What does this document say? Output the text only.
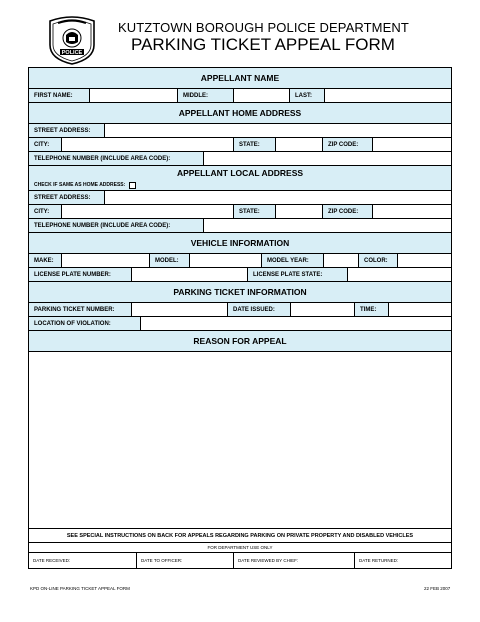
POLICE
KUTZTOWN BOROUGH POLICE DEPARTMENT
PARKING TICKET APPEAL FORM
APPELLANT NAME
FIRST NAME:	MIDDLE:	LAST:
APPELLANT HOME ADDRESS
STREET ADDRESS:
CITY:	STATE:	ZIP CODE:
TELEPHONE NUMBER (INCLUDE AREA CODE):
APPELLANT LOCAL ADDRESS
CHECK IF SAME AS HOME ADDRESS:
STREET ADDRESS:
CITY:	STATE:	ZIP CODE:
TELEPHONE NUMBER (INCLUDE AREA CODE):
VEHICLE INFORMATION
MAKE:	MODEL:	MODEL YEAR:	COLOR:
LICENSE PLATE NUMBER:	LICENSE PLATE STATE:
PARKING TICKET INFORMATION
PARKING TICKET NUMBER:	DATE ISSUED:	TIME:
LOCATION OF VIOLATION:
REASON FOR APPEAL
SEE SPECIAL INSTRUCTIONS ON BACK FOR APPEALS REGARDING PARKING ON PRIVATE PROPERTY AND DISABLED VEHICLES
FOR DEPARTMENT USE ONLY
DATE RECEIVED:	DATE TO OFFICER:	DATE REVIEWED BY CHIEF:	DATE RETURNED:
KPD ON-LINE PARKING TICKET APPEAL FORM	22 FEB 2007
